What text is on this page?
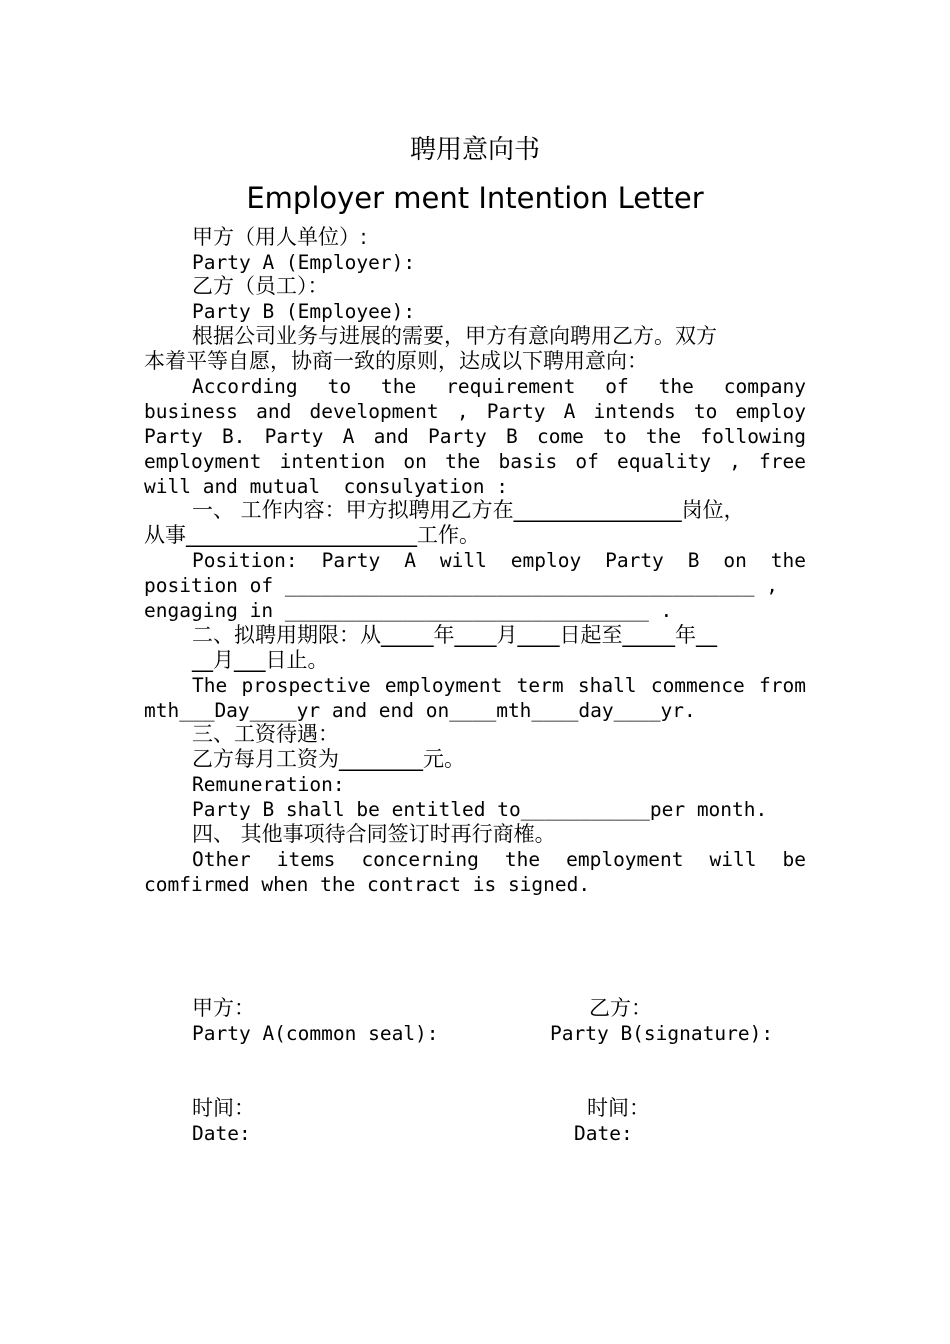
聘用意向书
Employer ment Intention Letter
甲方（用人单位）:
Party A (Employer):
乙方（员工）：
Party B (Employee):
根据公司业务与进展的需要，甲方有意向聘用乙方。双方
本着平等自愿，协商一致的原则，达成以下聘用意向：
According to the requirement of the company
business and development , Party A intends to employ
Party B. Party A and Party B come to the following
employment intention on the basis of equality , free
will and mutual  consulyation :
一、 工作内容：甲方拟聘用乙方在________________岗位，
从事______________________工作。
Position: Party A will employ Party B on the
position of ________________________________________ ,
engaging in _______________________________ .
二、拟聘用期限：从_____年____月____日起至_____年__
__月___日止。
The prospective employment term shall commence from
mth___Day____yr and end on____mth____day____yr.
三、工资待遇：
乙方每月工资为________元。
Remuneration:
Party B shall be entitled to___________per month.
四、 其他事项待合同签订时再行商榷。
Other items concerning the employment will be
comfirmed when the contract is signed.
甲方：	乙方：
Party A(common seal):	Party B(signature):
时间：	时间：
Date:	Date:
